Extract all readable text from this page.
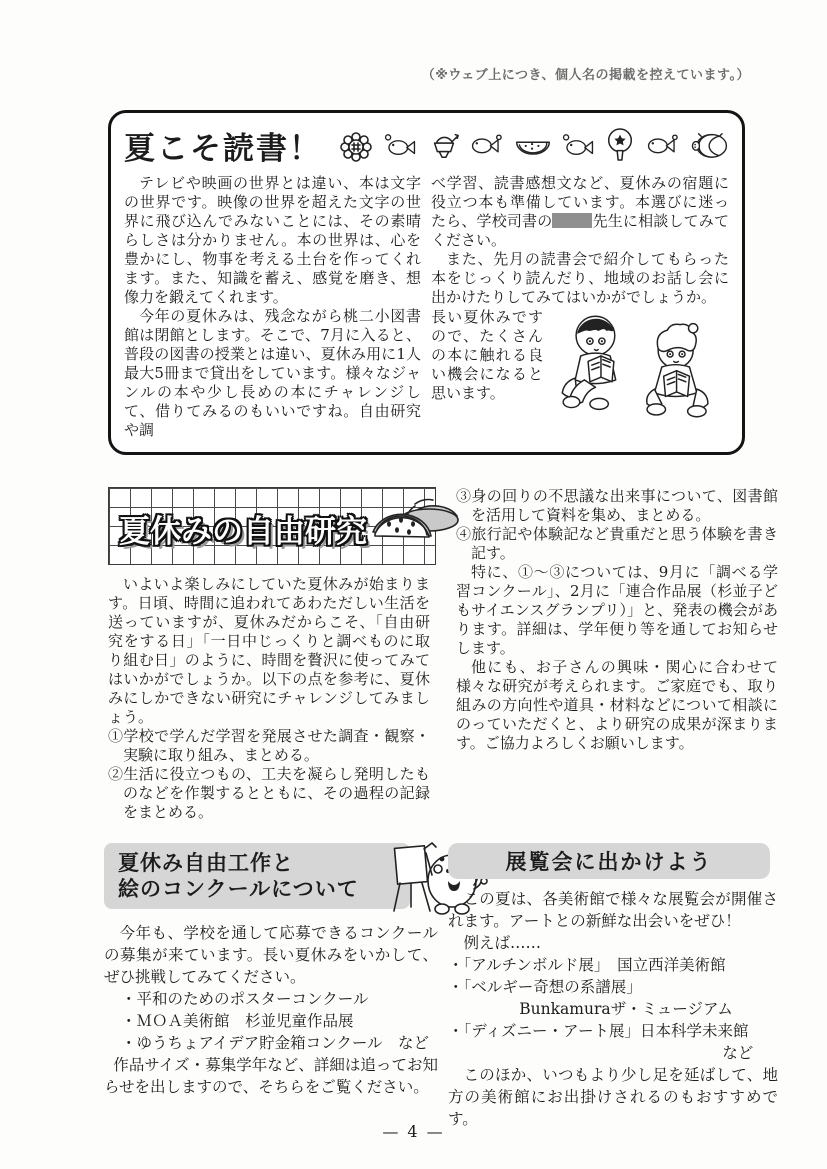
（※ウェブ上につき、個人名の掲載を控えています。）
夏こそ読書！

テレビや映画の世界とは違い、本は文字の世界です。映像の世界を超えた文字の世界に飛び込んでみないことには、その素晴らしさは分かりません。本の世界は、心を豊かにし、物事を考える土台を作ってくれます。また、知識を蓄え、感覚を磨き、想像力を鍛えてくれます。

今年の夏休みは、残念ながら桃二小図書館は閉館とします。そこで、7月に入ると、普段の図書の授業とは違い、夏休み用に1人最大5冊まで貸出をしています。様々なジャンルの本や少し長めの本にチャレンジして、借りてみるのもいいですね。自由研究や調

べ学習、読書感想文など、夏休みの宿題に役立つ本も準備しています。本選びに迷ったら、学校司書の	先生に相談してみてください。

また、先月の読書会で紹介してもらった本をじっくり読んだり、地域のお話し会に出かけたりしてみてはいかがでしょうか。

長い夏休みですので、たくさんの本に触れる良い機会になると思います。

夏休みの自由研究

いよいよ楽しみにしていた夏休みが始まります。日頃、時間に追われてあわただしい生活を送っていますが、夏休みだからこそ、「自由研究をする日」「一日中じっくりと調べものに取り組む日」のように、時間を贅沢に使ってみてはいかがでしょうか。以下の点を参考に、夏休みにしかできない研究にチャレンジしてみましょう。

①学校で学んだ学習を発展させた調査・観察・実験に取り組み、まとめる。

②生活に役立つもの、工夫を凝らし発明したものなどを作製するとともに、その過程の記録をまとめる。

③身の回りの不思議な出来事について、図書館を活用して資料を集め、まとめる。

④旅行記や体験記など貴重だと思う体験を書き記す。

特に、①～③については、9月に「調べる学習コンクール」、2月に「連合作品展（杉並子どもサイエンスグランプリ）」と、発表の機会があります。詳細は、学年便り等を通してお知らせします。

他にも、お子さんの興味・関心に合わせて様々な研究が考えられます。ご家庭でも、取り組みの方向性や道具・材料などについて相談にのっていただくと、より研究の成果が深まります。ご協力よろしくお願いします。

夏休み自由工作と
絵のコンクールについて

今年も、学校を通して応募できるコンクールの募集が来ています。長い夏休みをいかして、ぜひ挑戦してみてください。

・平和のためのポスターコンクール

・ＭＯＡ美術館　杉並児童作品展

・ゆうちょアイデア貯金箱コンクール　など

作品サイズ・募集学年など、詳細は追ってお知らせを出しますので、そちらをご覧ください。

展覧会に出かけよう

この夏は、各美術館で様々な展覧会が開催されます。アートとの新鮮な出会いをぜひ！

例えば……

・「アルチンボルド展」　国立西洋美術館

・「ベルギー奇想の系譜展」

Bunkamuraザ・ミュージアム

・「ディズニー・アート展」日本科学未来館

など

このほか、いつもより少し足を延ばして、地方の美術館にお出掛けされるのもおすすめです。

— 4 —
